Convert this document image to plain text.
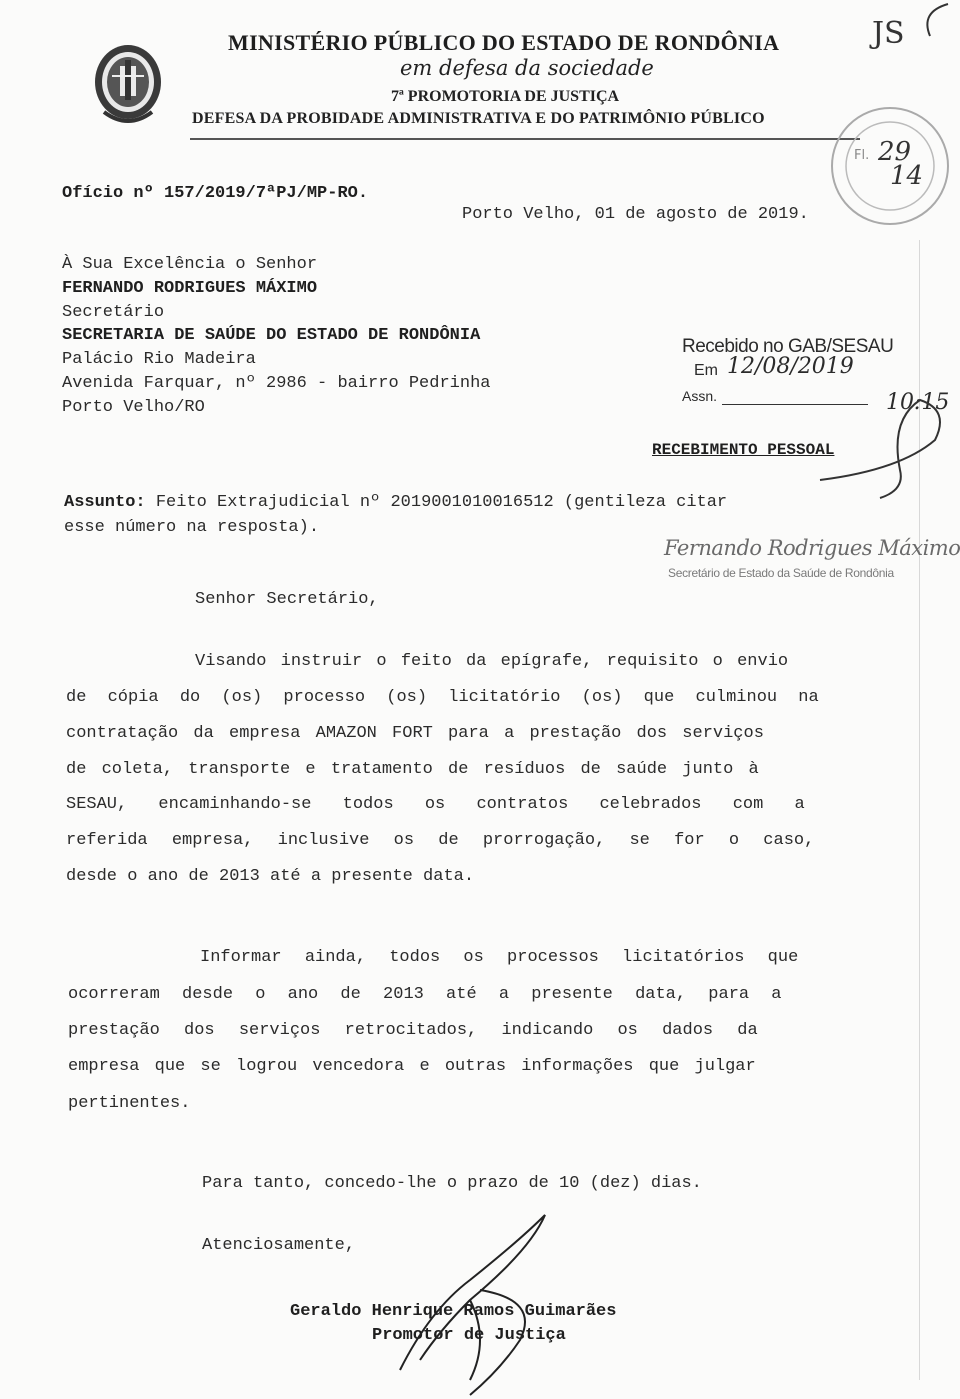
MINISTÉRIO PÚBLICO DO ESTADO DE RONDÔNIA
em defesa da sociedade
7ª PROMOTORIA DE JUSTIÇA
DEFESA DA PROBIDADE ADMINISTRATIVA E DO PATRIMÔNIO PÚBLICO
JS
Fl. 29
14
Ofício nº 157/2019/7ªPJ/MP-RO.
Porto Velho, 01 de agosto de 2019.
À Sua Excelência o Senhor
FERNANDO RODRIGUES MÁXIMO
Secretário
SECRETARIA DE SAÚDE DO ESTADO DE RONDÔNIA
Palácio Rio Madeira
Avenida Farquar, nº 2986 - bairro Pedrinha
Porto Velho/RO
Recebido no GAB/SESAU
Em 12/08/2019
Assn.	10:15
RECEBIMENTO PESSOAL
Assunto: Feito Extrajudicial nº 2019001010016512 (gentileza citar
esse número na resposta).
Fernando Rodrigues Máximo
Secretário de Estado da Saúde de Rondônia
Senhor Secretário,
Visando instruir o feito da epígrafe, requisito o envio
de cópia do (os) processo (os) licitatório (os) que culminou na
contratação da empresa AMAZON FORT para a prestação dos serviços
de coleta, transporte e tratamento de resíduos de saúde junto à
SESAU, encaminhando-se todos os contratos celebrados com a
referida empresa, inclusive os de prorrogação, se for o caso,
desde o ano de 2013 até a presente data.
Informar ainda, todos os processos licitatórios que
ocorreram desde o ano de 2013 até a presente data, para a
prestação dos serviços retrocitados, indicando os dados da
empresa que se logrou vencedora e outras informações que julgar
pertinentes.
Para tanto, concedo-lhe o prazo de 10 (dez) dias.
Atenciosamente,
Geraldo Henrique Ramos Guimarães
Promotor de Justiça
